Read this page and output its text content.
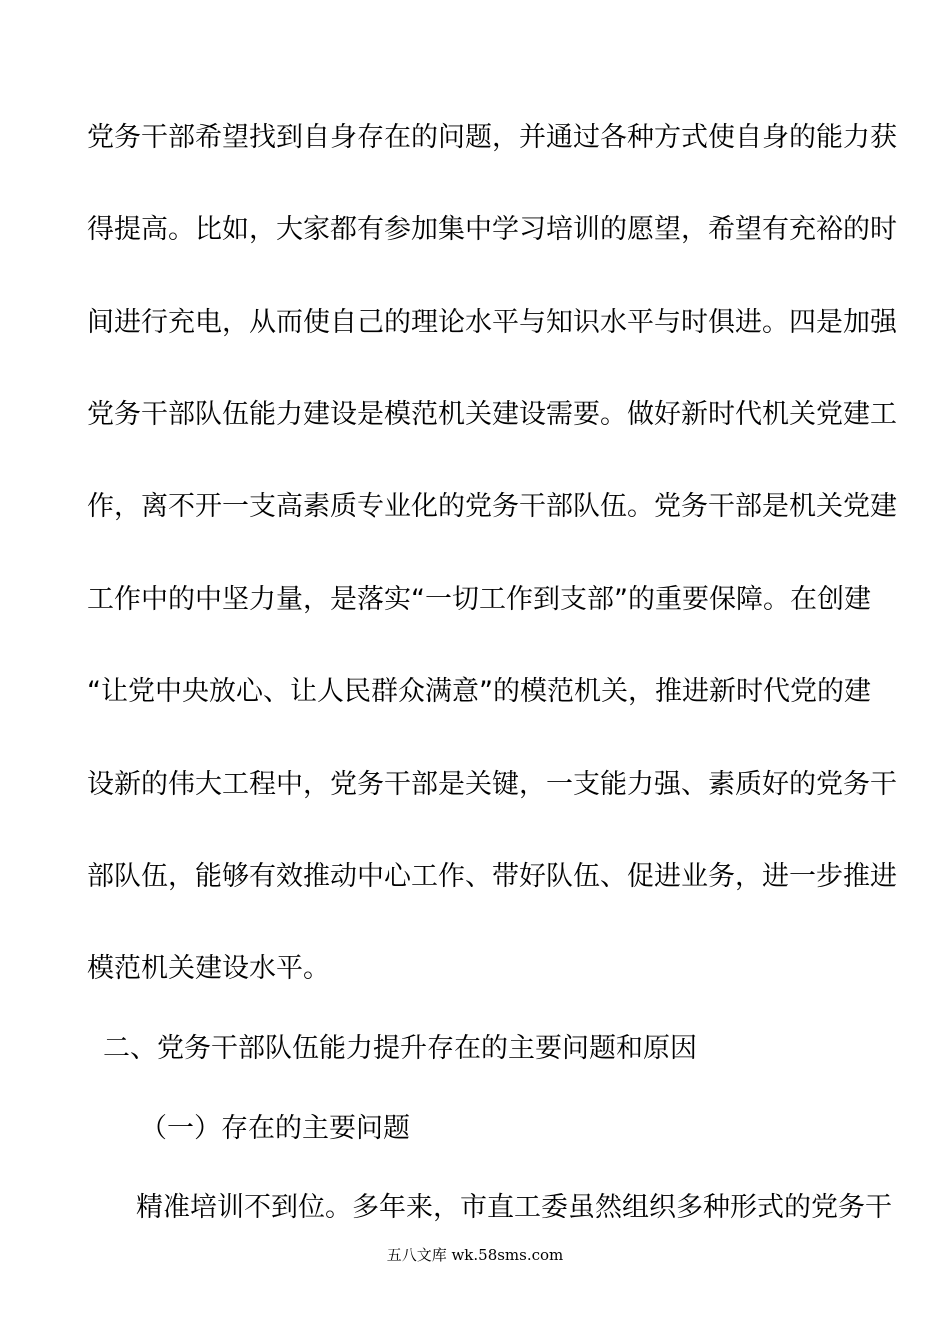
党务干部希望找到自身存在的问题，并通过各种方式使自身的能力获
得提高。比如，大家都有参加集中学习培训的愿望，希望有充裕的时
间进行充电，从而使自己的理论水平与知识水平与时俱进。四是加强
党务干部队伍能力建设是模范机关建设需要。做好新时代机关党建工
作，离不开一支高素质专业化的党务干部队伍。党务干部是机关党建
工作中的中坚力量，是落实“一切工作到支部”的重要保障。在创建
“让党中央放心、让人民群众满意”的模范机关，推进新时代党的建
设新的伟大工程中，党务干部是关键，一支能力强、素质好的党务干
部队伍，能够有效推动中心工作、带好队伍、促进业务，进一步推进
模范机关建设水平。
二、党务干部队伍能力提升存在的主要问题和原因
（一）存在的主要问题
精准培训不到位。多年来，市直工委虽然组织多种形式的党务干
五八文库 wk.58sms.com
